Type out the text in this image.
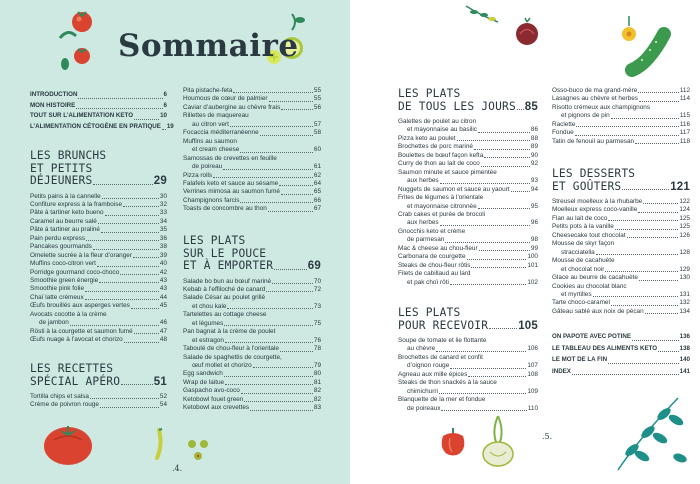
Sommaire
INTRODUCTION	6
MON HISTOIRE	6
TOUT SUR L’ALIMENTATION KETO	10
L’ALIMENTATION CÉTOGÈNE EN PRATIQUE 19
LES BRUNCHS
ET PETITS
DÉJEUNERS	29
Petits pains à la cannelle	30
Confiture express à la framboise	32
Pâte à tartiner keto bueno	33
Caramel au beurre salé	34
Pâte à tartiner au praliné	35
Pain perdu express	36
Pancakes gourmands	38
Omelette sucrée à la fleur d’oranger	39
Muffins coco-citron vert	40
Porridge gourmand coco-choco	42
Smoothie green énergie	43
Smoothie pink folie	43
Chaï latte crémeux	44
Œufs brouillés aux asperges vertes	45
Avocats cocotte à la crème
de jambon	46
Rösti à la courgette et saumon fumé	47
Œufs nuage à l’avocat et chorizo	48
LES RECETTES
SPÉCIAL APÉRO	51
Tortilla chips et salsa	52
Crème de poivron rouge	54
Pita pistache-feta	55
Houmous de cœur de palmier	55
Caviar d’aubergine au chèvre frais	56
Rillettes de maquereau
au citron vert	57
Focaccia méditerranéenne	58
Muffins au saumon
et cream cheese	60
Samossas de crevettes en feuille
de poireau	61
Pizza rolls	62
Falafels keto et sauce au sésame	64
Verrines mimosa au saumon fumé	65
Champignons farcis	66
Toasts de concombre au thon	67
LES PLATS
SUR LE POUCE
ET À EMPORTER	69
Salade bo bun au bœuf mariné	70
Kebab à l’effiloché de canard	72
Salade César au poulet grillé
et chou kale	73
Tartelettes au cottage cheese
et légumes	75
Pan bagnat à la crème de poulet
et estragon	76
Taboulé de chou-fleur à l’orientale	78
Salade de spaghettis de courgette,
œuf mollet et chorizo	79
Egg sandwich	80
Wrap de laitue	81
Gaspacho avo-coco	82
Ketobowl fouet green	82
Ketobowl aux crevettes	83
.4.
LES PLATS
DE TOUS LES JOURS 85
Galettes de poulet au citron
et mayonnaise au basilic	86
Pizza keto au poulet	88
Brochettes de porc mariné	89
Boulettes de bœuf façon kefta	90
Curry de thon au lait de coco	92
Saumon minute et sauce pimentée
aux herbes	93
Nuggets de saumon et sauce au yaourt	94
Frites de légumes à l’orientale
et mayonnaise citronnée	95
Crab cakes et purée de brocoli
aux herbes	96
Gnocchis keto et crème
de parmesan	98
Mac & cheese au chou-fleur	99
Carbonara de courgette	100
Steaks de chou-fleur rôtis	101
Filets de cabillaud au lard
et pak choï rôti	102
LES PLATS
POUR RECEVOIR	105
Soupe de tomate et lie flottante
au chèvre	106
Brochettes de canard et confit
d’oignon rouge	107
Agneau aux mille épices	108
Steaks de thon snackés à la sauce
chimichurri	109
Blanquette de la mer et fondue
de poireaux	110
Osso-buco de ma grand-mère	112
Lasagnes au chèvre et herbes	114
Risotto crémeux aux champignons
et pignons de pin	115
Raclette	116
Fondue	117
Tatin de fenouil au parmesan	118
LES DESSERTS
ET GOÛTERS	121
Streusel moelleux à la rhubarbe	122
Moelleux express coco-vanille	124
Flan au lait de coco	125
Petits pots à la vanille	125
Cheesecake tout chocolat	126
Mousse de skyr façon
stracciatella	128
Mousse de cacahuète
et chocolat noir	129
Glace au beurre de cacahuète	130
Cookies au chocolat blanc
et myrtilles	131
Tarte choco-caramel	132
Gâteau sablé aux noix de pécan	134
ON PAPOTE AVEC POTINE	136
LE TABLEAU DES ALIMENTS KETO	138
LE MOT DE LA FIN	140
INDEX	141
.5.
